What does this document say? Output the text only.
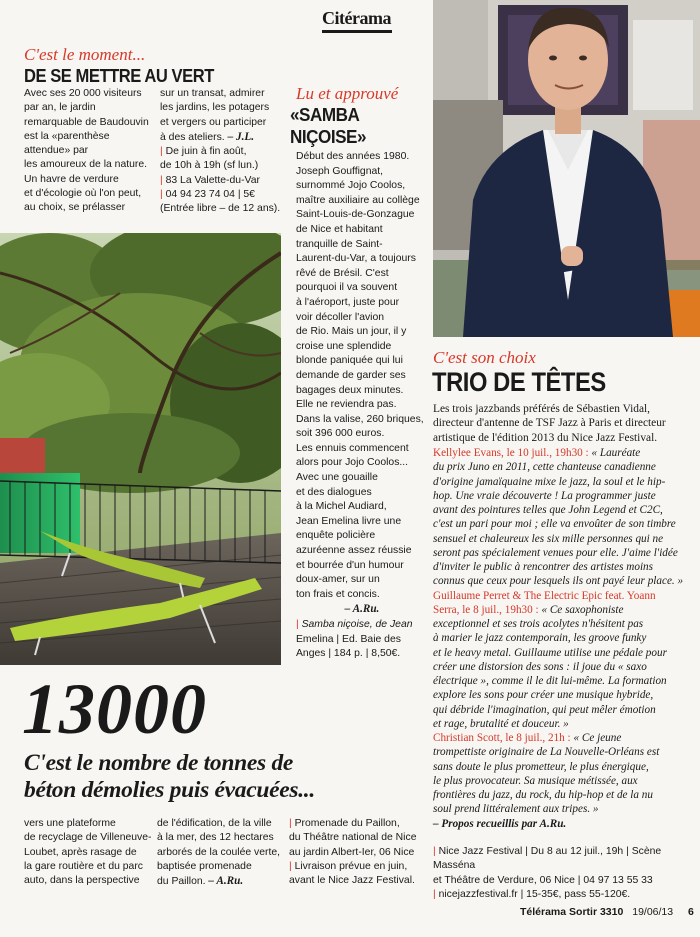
Citérama
C'est le moment...
DE SE METTRE AU VERT
Avec ses 20 000 visiteurs
par an, le jardin
remarquable de Baudouvin
est la «parenthèse
attendue» par
les amoureux de la nature.
Un havre de verdure
et d'écologie où l'on peut,
au choix, se prélasser
sur un transat, admirer
les jardins, les potagers
et vergers ou participer
à des ateliers. – J.L.
| De juin à fin août,
de 10h à 19h (sf lun.)
| 83 La Valette-du-Var
| 04 94 23 74 04 | 5€
(Entrée libre – de 12 ans).
Lu et approuvé
«SAMBA
NIÇOISE»
Début des années 1980.
Joseph Gouffignat,
surnommé Jojo Coolos,
maître auxiliaire au collège
Saint-Louis-de-Gonzague
de Nice et habitant
tranquille de Saint-
Laurent-du-Var, a toujours
rêvé de Brésil. C'est
pourquoi il va souvent
à l'aéroport, juste pour
voir décoller l'avion
de Rio. Mais un jour, il y
croise une splendide
blonde paniquée qui lui
demande de garder ses
bagages deux minutes.
Elle ne reviendra pas.
Dans la valise, 260 briques,
soit 396 000 euros.
Les ennuis commencent
alors pour Jojo Coolos...
Avec une gouaille
et des dialogues
à la Michel Audiard,
Jean Emelina livre une
enquête policière
azuréenne assez réussie
et bourrée d'un humour
doux-amer, sur un
ton frais et concis.
– A.Ru.
| Samba niçoise, de Jean
Emelina | Ed. Baie des
Anges | 184 p. | 8,50€.
C'est son choix
TRIO DE TÊTES
Les trois jazzbands préférés de Sébastien Vidal,
directeur d'antenne de TSF Jazz à Paris et directeur
artistique de l'édition 2013 du Nice Jazz Festival.
Kellylee Evans, le 10 juil., 19h30 : « Lauréate
du prix Juno en 2011, cette chanteuse canadienne
d'origine jamaïquaine mixe le jazz, la soul et le hip-
hop. Une vraie découverte ! La programmer juste
avant des pointures telles que John Legend et C2C,
c'est un pari pour moi ; elle va envoûter de son timbre
sensuel et chaleureux les six mille personnes qui ne
seront pas spécialement venues pour elle. J'aime l'idée
d'inviter le public à rencontrer des artistes moins
connus que ceux pour lesquels ils ont payé leur place. »
Guillaume Perret & The Electric Epic feat. Yoann
Serra, le 8 juil., 19h30 : « Ce saxophoniste
exceptionnel et ses trois acolytes n'hésitent pas
à marier le jazz contemporain, les groove funky
et le heavy metal. Guillaume utilise une pédale pour
créer une distorsion des sons : il joue du « saxo
électrique », comme il le dit lui-même. La formation
explore les sons pour créer une musique hybride,
qui débride l'imagination, qui peut mêler émotion
et rage, brutalité et douceur. »
Christian Scott, le 8 juil., 21h : « Ce jeune
trompettiste originaire de La Nouvelle-Orléans est
sans doute le plus prometteur, le plus énergique,
le plus provocateur. Sa musique métissée, aux
frontières du jazz, du rock, du hip-hop et de la nu
soul prend littéralement aux tripes. »
– Propos recueillis par A.Ru.
| Nice Jazz Festival | Du 8 au 12 juil., 19h | Scène Masséna
et Théâtre de Verdure, 06 Nice | 04 97 13 55 33
| nicejazzfestival.fr | 15-35€, pass 55-120€.
13000
C'est le nombre de tonnes de
béton démolies puis évacuées...
vers une plateforme
de recyclage de Villeneuve-
Loubet, après rasage de
la gare routière et du parc
auto, dans la perspective
de l'édification, de la ville
à la mer, des 12 hectares
arborés de la coulée verte,
baptisée promenade
du Paillon. – A.Ru.
| Promenade du Paillon,
du Théâtre national de Nice
au jardin Albert-Ier, 06 Nice
| Livraison prévue en juin,
avant le Nice Jazz Festival.
Télérama Sortir 3310 19/06/13 6
